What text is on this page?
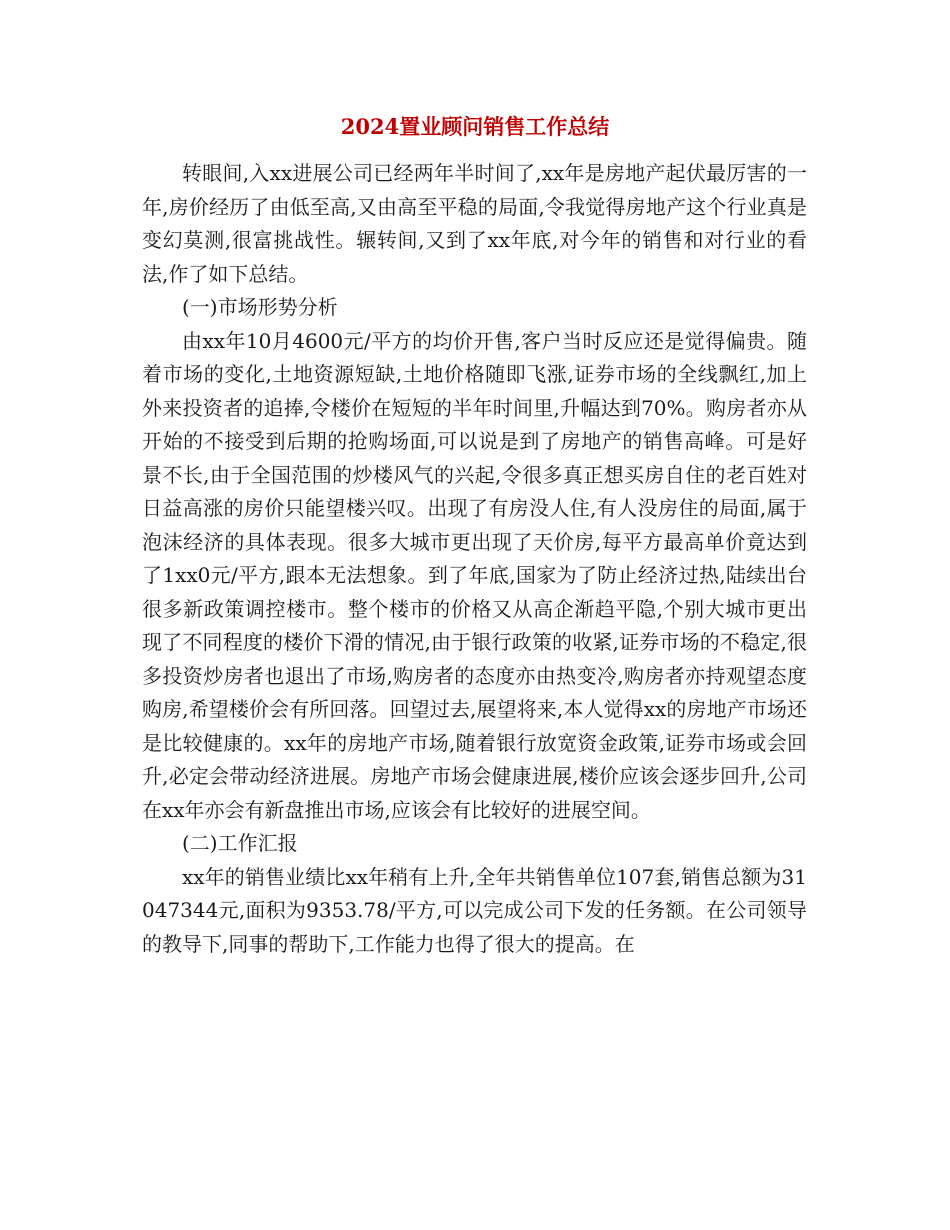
2024置业顾问销售工作总结

转眼间,入xx进展公司已经两年半时间了,xx年是房地产起伏最厉害的一年,房价经历了由低至高,又由高至平稳的局面,令我觉得房地产这个行业真是变幻莫测,很富挑战性。辗转间,又到了xx年底,对今年的销售和对行业的看法,作了如下总结。

(一)市场形势分析

由xx年10月4600元/平方的均价开售,客户当时反应还是觉得偏贵。随着市场的变化,土地资源短缺,土地价格随即飞涨,证券市场的全线飘红,加上外来投资者的追捧,令楼价在短短的半年时间里,升幅达到70%。购房者亦从开始的不接受到后期的抢购场面,可以说是到了房地产的销售高峰。可是好景不长,由于全国范围的炒楼风气的兴起,令很多真正想买房自住的老百姓对日益高涨的房价只能望楼兴叹。出现了有房没人住,有人没房住的局面,属于泡沫经济的具体表现。很多大城市更出现了天价房,每平方最高单价竟达到了1xx0元/平方,跟本无法想象。到了年底,国家为了防止经济过热,陆续出台很多新政策调控楼市。整个楼市的价格又从高企渐趋平隐,个别大城市更出现了不同程度的楼价下滑的情况,由于银行政策的收紧,证券市场的不稳定,很多投资炒房者也退出了市场,购房者的态度亦由热变冷,购房者亦持观望态度购房,希望楼价会有所回落。回望过去,展望将来,本人觉得xx的房地产市场还是比较健康的。xx年的房地产市场,随着银行放宽资金政策,证券市场或会回升,必定会带动经济进展。房地产市场会健康进展,楼价应该会逐步回升,公司在xx年亦会有新盘推出市场,应该会有比较好的进展空间。

(二)工作汇报

xx年的销售业绩比xx年稍有上升,全年共销售单位107套,销售总额为31047344元,面积为9353.78/平方,可以完成公司下发的任务额。在公司领导的教导下,同事的帮助下,工作能力也得了很大的提高。在
